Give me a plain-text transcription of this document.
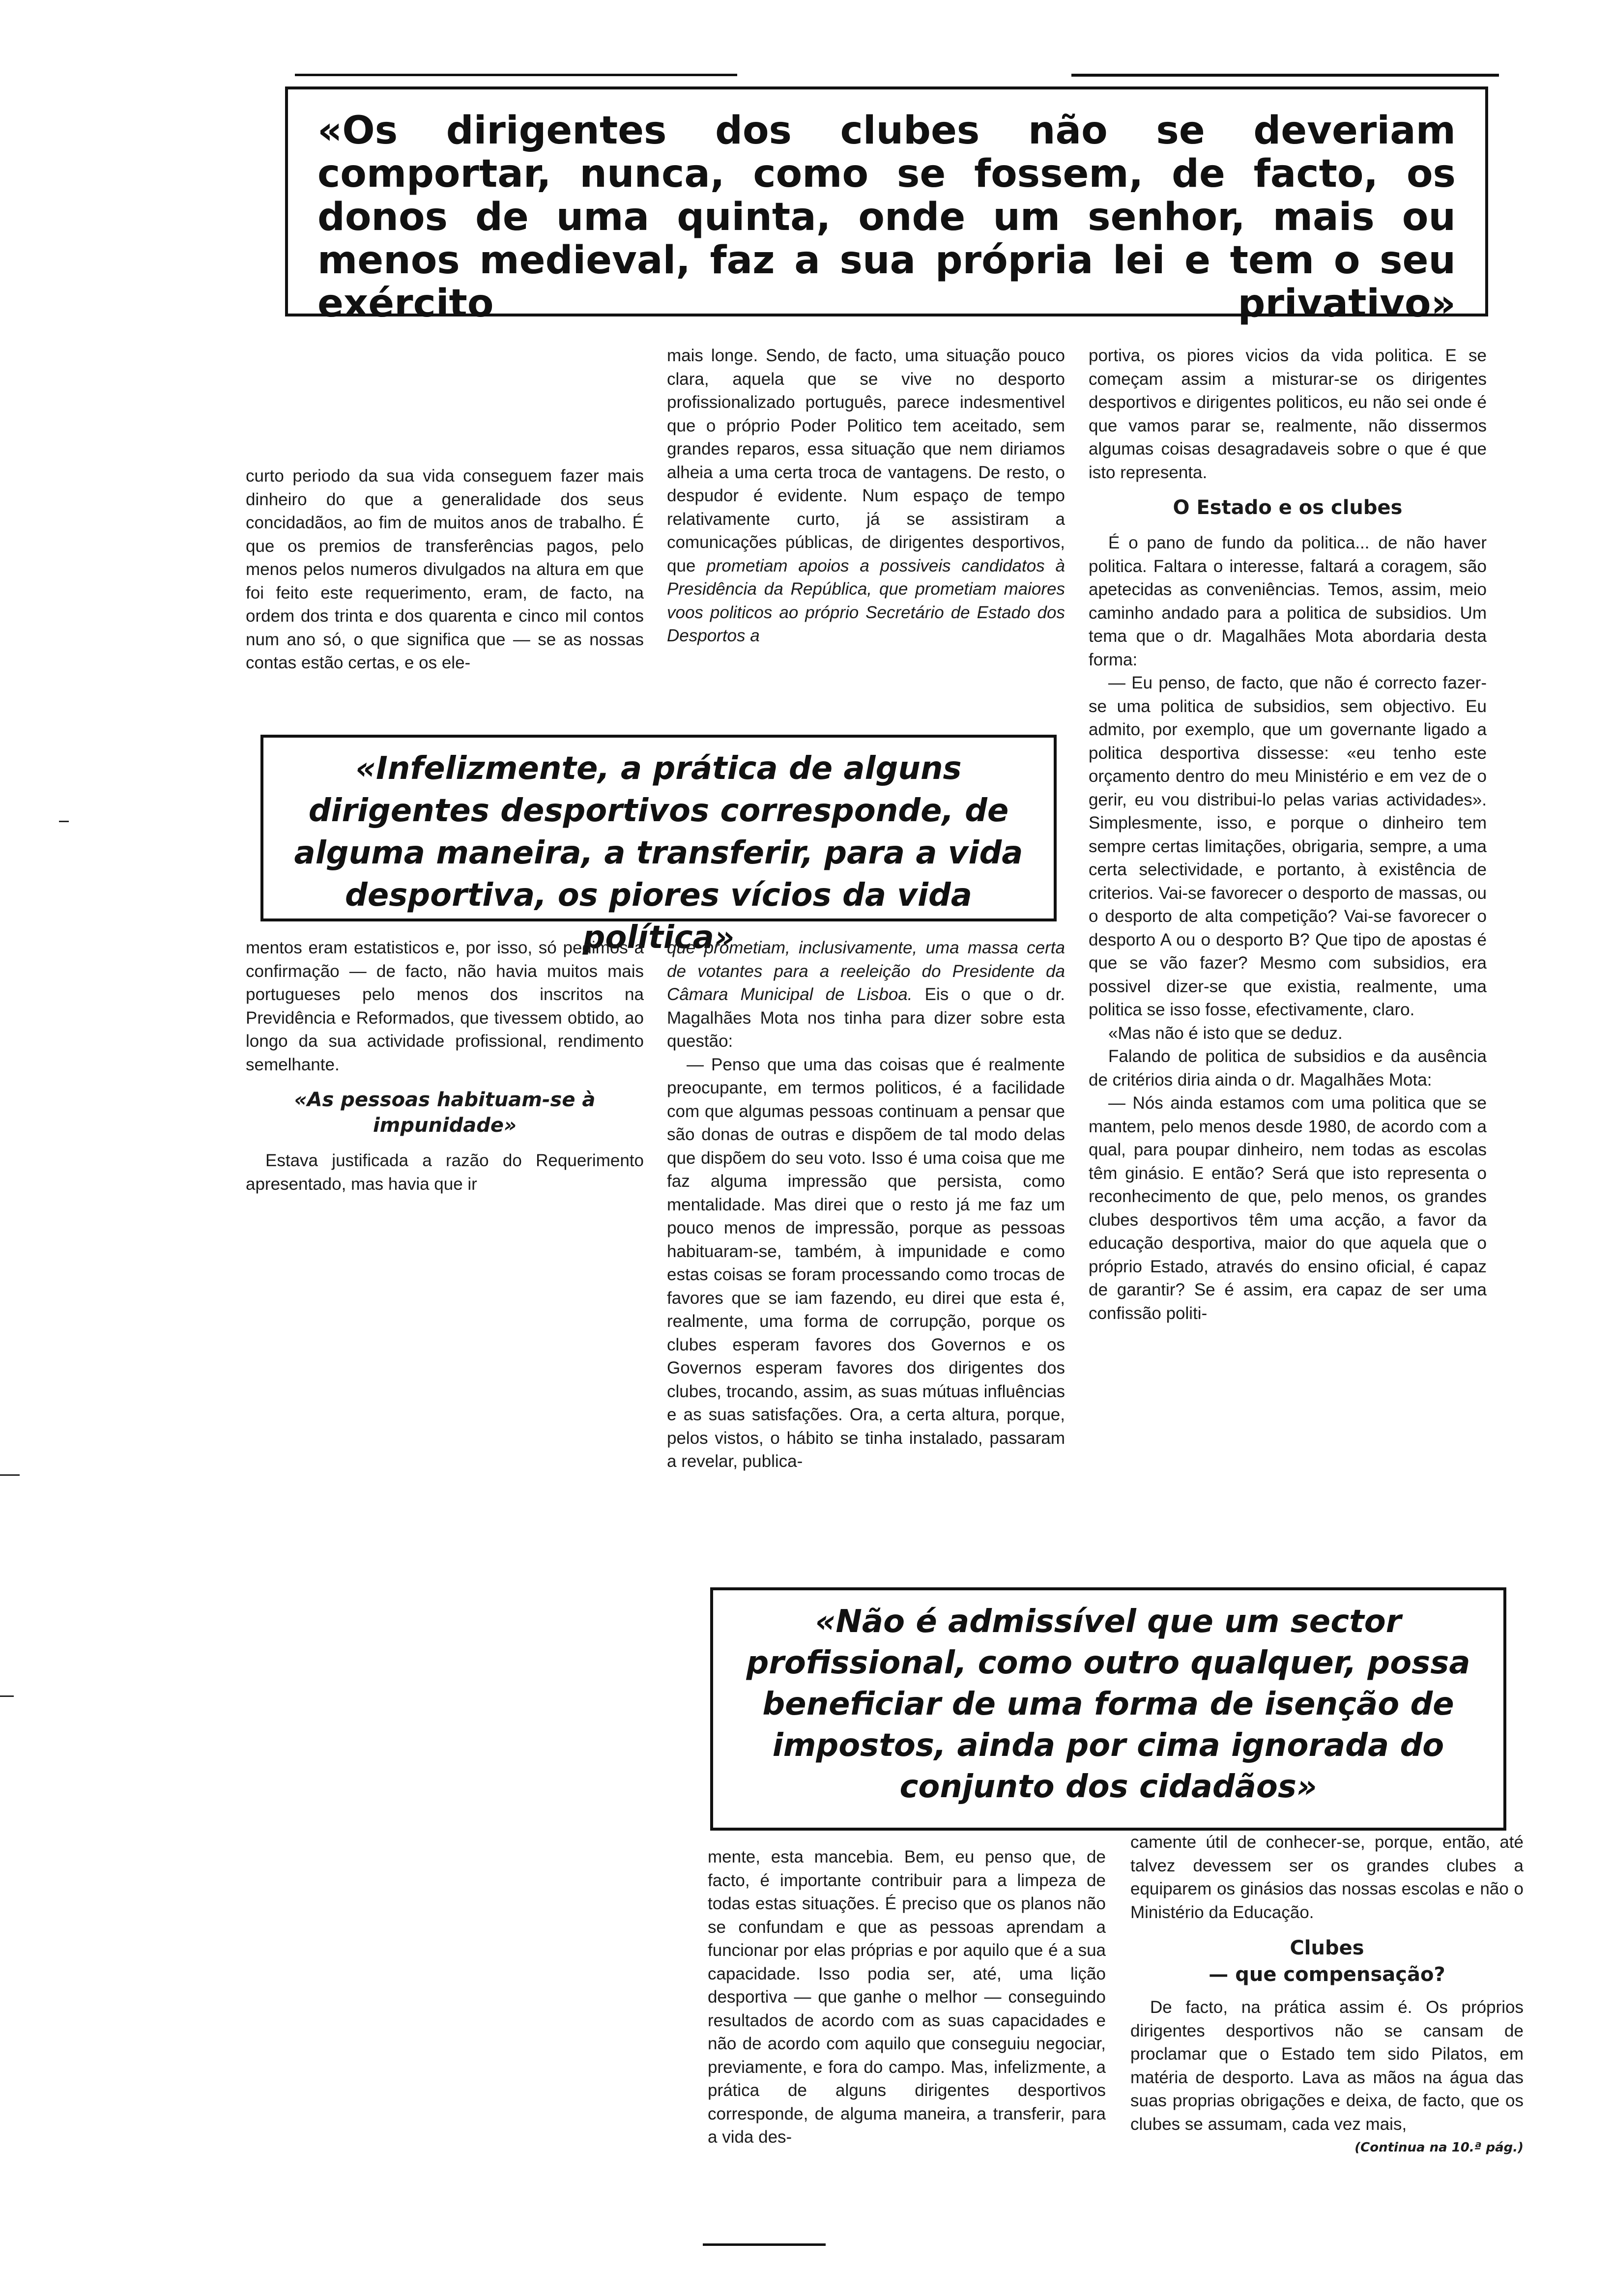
«Os dirigentes dos clubes não se deveriam comportar, nunca, como se fossem, de facto, os donos de uma quinta, onde um senhor, mais ou menos medieval, faz a sua própria lei e tem o seu exército privativo»

curto periodo da sua vida conseguem fazer mais dinheiro do que a generalidade dos seus concidadãos, ao fim de muitos anos de trabalho. É que os premios de transferências pagos, pelo menos pelos numeros divulgados na altura em que foi feito este requerimento, eram, de facto, na ordem dos trinta e dos quarenta e cinco mil contos num ano só, o que significa que — se as nossas contas estão certas, e os ele-

mais longe. Sendo, de facto, uma situação pouco clara, aquela que se vive no desporto profissionalizado português, parece indesmentivel que o próprio Poder Politico tem aceitado, sem grandes reparos, essa situação que nem diriamos alheia a uma certa troca de vantagens. De resto, o despudor é evidente. Num espaço de tempo relativamente curto, já se assistiram a comunicações públicas, de dirigentes desportivos, que prometiam apoios a possiveis candidatos à Presidência da República, que prometiam maiores voos politicos ao próprio Secretário de Estado dos Desportos a

portiva, os piores vicios da vida politica. E se começam assim a misturar-se os dirigentes desportivos e dirigentes politicos, eu não sei onde é que vamos parar se, realmente, não dissermos algumas coisas desagradaveis sobre o que é que isto representa.

O Estado e os clubes

É o pano de fundo da politica... de não haver politica. Faltara o interesse, faltará a coragem, são apetecidas as conveniências. Temos, assim, meio caminho andado para a politica de subsidios. Um tema que o dr. Magalhães Mota abordaria desta forma:

— Eu penso, de facto, que não é correcto fazer-se uma politica de subsidios, sem objectivo. Eu admito, por exemplo, que um governante ligado a politica desportiva dissesse: «eu tenho este orçamento dentro do meu Ministério e em vez de o gerir, eu vou distribui-lo pelas varias actividades». Simplesmente, isso, e porque o dinheiro tem sempre certas limitações, obrigaria, sempre, a uma certa selectividade, e portanto, à existência de criterios. Vai-se favorecer o desporto de massas, ou o desporto de alta competição? Vai-se favorecer o desporto A ou o desporto B? Que tipo de apostas é que se vão fazer? Mesmo com subsidios, era possivel dizer-se que existia, realmente, uma politica se isso fosse, efectivamente, claro.

«Mas não é isto que se deduz.

Falando de politica de subsidios e da ausência de critérios diria ainda o dr. Magalhães Mota:

— Nós ainda estamos com uma politica que se mantem, pelo menos desde 1980, de acordo com a qual, para poupar dinheiro, nem todas as escolas têm ginásio. E então? Será que isto representa o reconhecimento de que, pelo menos, os grandes clubes desportivos têm uma acção, a favor da educação desportiva, maior do que aquela que o próprio Estado, através do ensino oficial, é capaz de garantir? Se é assim, era capaz de ser uma confissão politi-

«Infelizmente, a prática de alguns dirigentes desportivos corresponde, de alguma maneira, a transferir, para a vida desportiva, os piores vícios da vida política»

mentos eram estatisticos e, por isso, só pedimos a confirmação — de facto, não havia muitos mais portugueses pelo menos dos inscritos na Previdência e Reformados, que tivessem obtido, ao longo da sua actividade profissional, rendimento semelhante.

«As pessoas habituam-se à impunidade»

Estava justificada a razão do Requerimento apresentado, mas havia que ir

que prometiam, inclusivamente, uma massa certa de votantes para a reeleição do Presidente da Câmara Municipal de Lisboa. Eis o que o dr. Magalhães Mota nos tinha para dizer sobre esta questão:

— Penso que uma das coisas que é realmente preocupante, em termos politicos, é a facilidade com que algumas pessoas continuam a pensar que são donas de outras e dispõem de tal modo delas que dispõem do seu voto. Isso é uma coisa que me faz alguma impressão que persista, como mentalidade. Mas direi que o resto já me faz um pouco menos de impressão, porque as pessoas habituaram-se, também, à impunidade e como estas coisas se foram processando como trocas de favores que se iam fazendo, eu direi que esta é, realmente, uma forma de corrupção, porque os clubes esperam favores dos Governos e os Governos esperam favores dos dirigentes dos clubes, trocando, assim, as suas mútuas influências e as suas satisfações. Ora, a certa altura, porque, pelos vistos, o hábito se tinha instalado, passaram a revelar, publica-

«Não é admissível que um sector profissional, como outro qualquer, possa beneficiar de uma forma de isenção de impostos, ainda por cima ignorada do conjunto dos cidadãos»

mente, esta mancebia. Bem, eu penso que, de facto, é importante contribuir para a limpeza de todas estas situações. É preciso que os planos não se confundam e que as pessoas aprendam a funcionar por elas próprias e por aquilo que é a sua capacidade. Isso podia ser, até, uma lição desportiva — que ganhe o melhor — conseguindo resultados de acordo com as suas capacidades e não de acordo com aquilo que conseguiu negociar, previamente, e fora do campo. Mas, infelizmente, a prática de alguns dirigentes desportivos corresponde, de alguma maneira, a transferir, para a vida des-

camente útil de conhecer-se, porque, então, até talvez devessem ser os grandes clubes a equiparem os ginásios das nossas escolas e não o Ministério da Educação.

Clubes
— que compensação?

De facto, na prática assim é. Os próprios dirigentes desportivos não se cansam de proclamar que o Estado tem sido Pilatos, em matéria de desporto. Lava as mãos na água das suas proprias obrigações e deixa, de facto, que os clubes se assumam, cada vez mais,

(Continua na 10.ª pág.)
